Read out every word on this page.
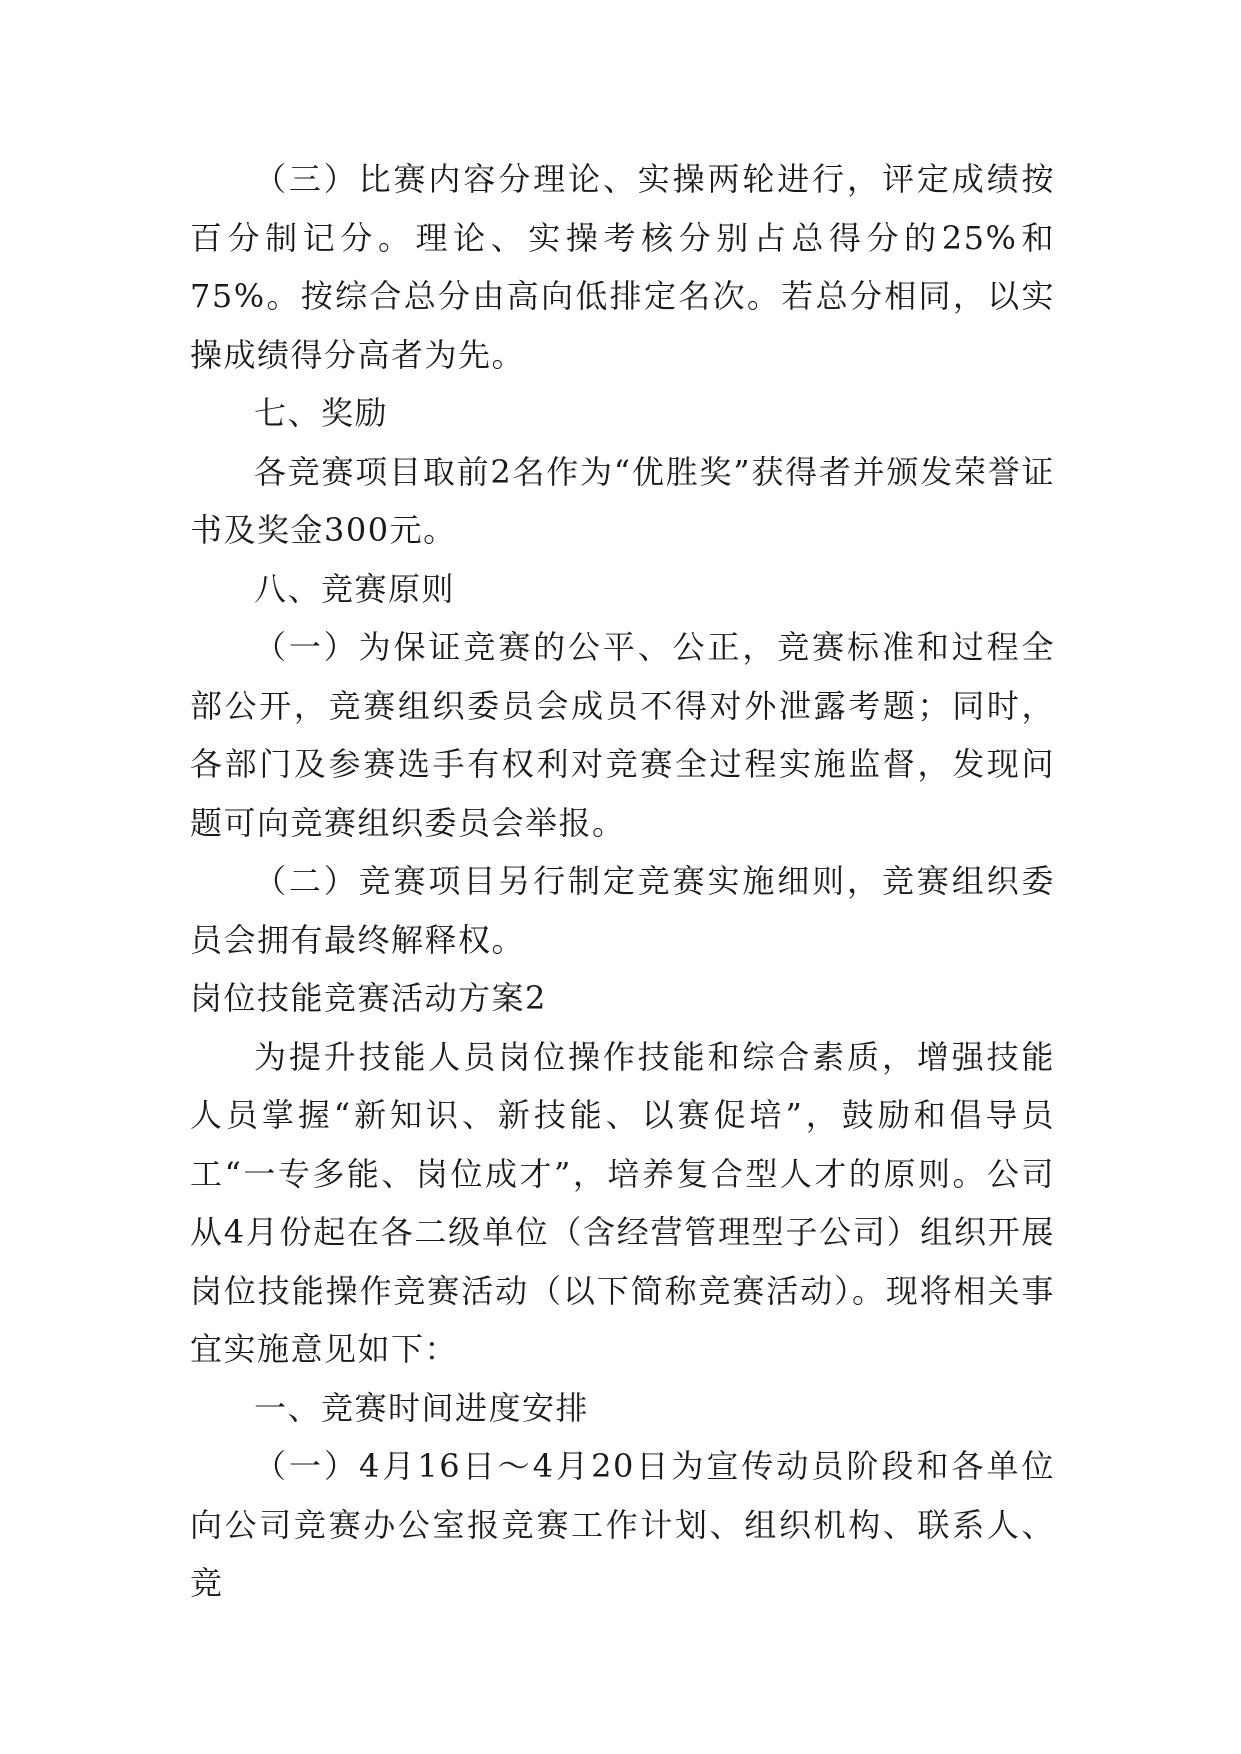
（三）比赛内容分理论、实操两轮进行，评定成绩按百分制记分。理论、实操考核分别占总得分的25%和75%。按综合总分由高向低排定名次。若总分相同，以实操成绩得分高者为先。

七、奖励

各竞赛项目取前2名作为“优胜奖”获得者并颁发荣誉证书及奖金300元。

八、竞赛原则

（一）为保证竞赛的公平、公正，竞赛标准和过程全部公开，竞赛组织委员会成员不得对外泄露考题；同时，各部门及参赛选手有权利对竞赛全过程实施监督，发现问题可向竞赛组织委员会举报。

（二）竞赛项目另行制定竞赛实施细则，竞赛组织委员会拥有最终解释权。

岗位技能竞赛活动方案2

为提升技能人员岗位操作技能和综合素质，增强技能人员掌握“新知识、新技能、以赛促培”，鼓励和倡导员工“一专多能、岗位成才”，培养复合型人才的原则。公司从4月份起在各二级单位（含经营管理型子公司）组织开展岗位技能操作竞赛活动（以下简称竞赛活动）。现将相关事宜实施意见如下：

一、竞赛时间进度安排

（一）4月16日～4月20日为宣传动员阶段和各单位向公司竞赛办公室报竞赛工作计划、组织机构、联系人、竞
